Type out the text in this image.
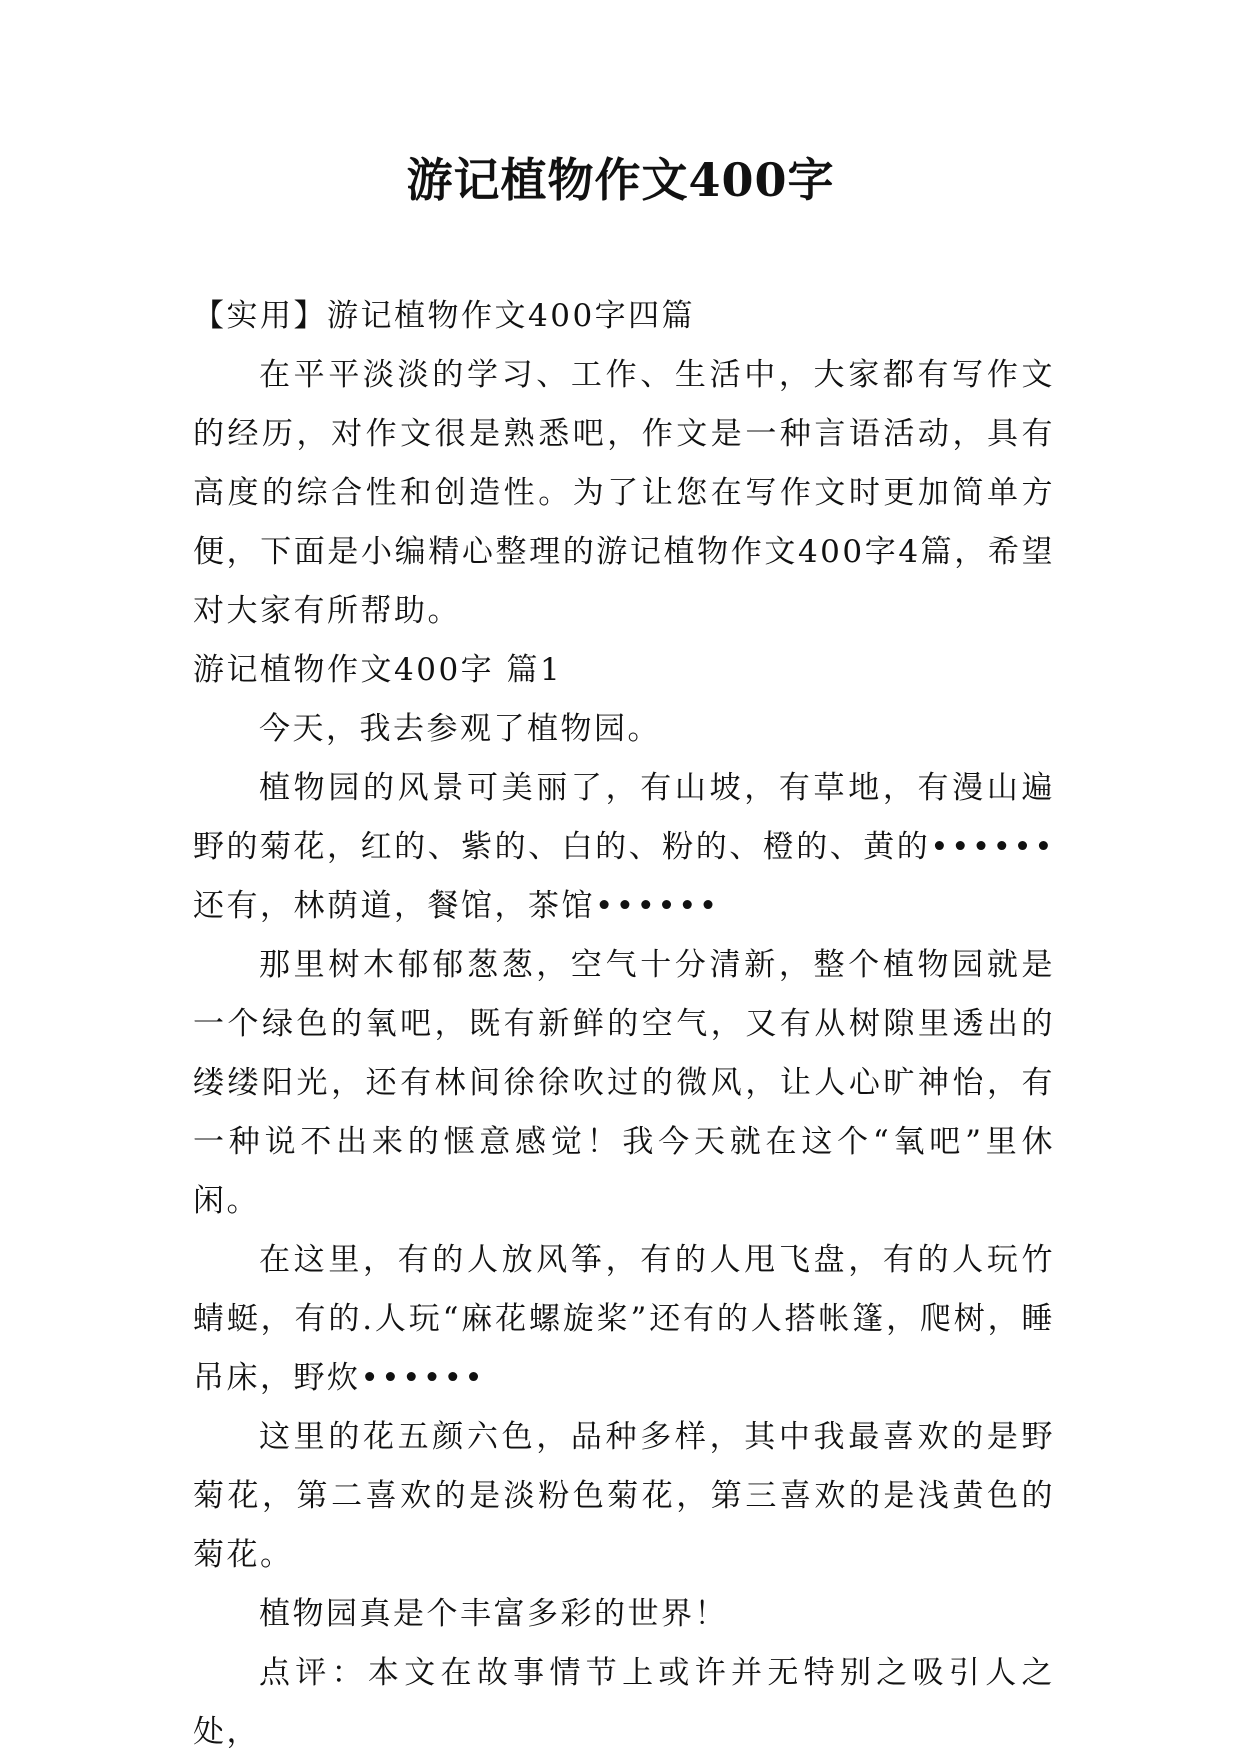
游记植物作文400字

【实用】游记植物作文400字四篇

在平平淡淡的学习、工作、生活中，大家都有写作文的经历，对作文很是熟悉吧，作文是一种言语活动，具有高度的综合性和创造性。为了让您在写作文时更加简单方便，下面是小编精心整理的游记植物作文400字4篇，希望对大家有所帮助。

游记植物作文400字 篇1

今天，我去参观了植物园。

植物园的风景可美丽了，有山坡，有草地，有漫山遍野的菊花，红的、紫的、白的、粉的、橙的、黄的••••••还有，林荫道，餐馆，茶馆••••••

那里树木郁郁葱葱，空气十分清新，整个植物园就是一个绿色的氧吧，既有新鲜的空气，又有从树隙里透出的缕缕阳光，还有林间徐徐吹过的微风，让人心旷神怡，有一种说不出来的惬意感觉！我今天就在这个“氧吧”里休闲。

在这里，有的人放风筝，有的人甩飞盘，有的人玩竹蜻蜓，有的.人玩“麻花螺旋桨”还有的人搭帐篷，爬树，睡吊床，野炊••••••

这里的花五颜六色，品种多样，其中我最喜欢的是野菊花，第二喜欢的是淡粉色菊花，第三喜欢的是浅黄色的菊花。

植物园真是个丰富多彩的世界！

点评：本文在故事情节上或许并无特别之吸引人之处，
